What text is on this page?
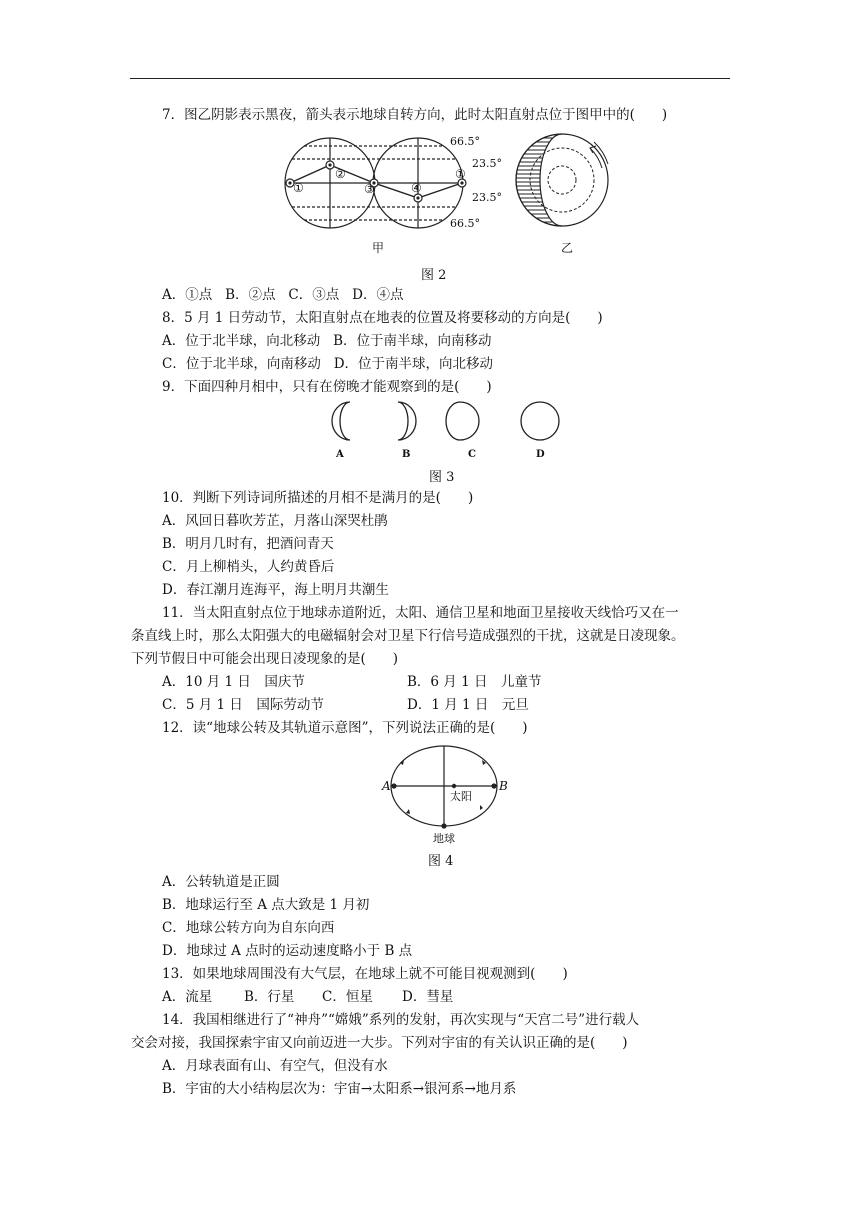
7．图乙阴影表示黑夜，箭头表示地球自转方向，此时太阳直射点位于图甲中的(　　)
①
②
③	④
①
66.5°
23.5°
23.5°
66.5°
甲	乙
图 2
A．①点 B．②点 C．③点 D．④点
8．5 月 1 日劳动节，太阳直射点在地表的位置及将要移动的方向是(　　)
A．位于北半球，向北移动 B．位于南半球，向南移动
C．位于北半球，向南移动 D．位于南半球，向北移动
9．下面四种月相中，只有在傍晚才能观察到的是(　　)
A	B	C	D
图 3
10．判断下列诗词所描述的月相不是满月的是(　　)
A．风回日暮吹芳芷，月落山深哭杜鹃
B．明月几时有，把酒问青天
C．月上柳梢头，人约黄昏后
D．春江潮月连海平，海上明月共潮生
11．当太阳直射点位于地球赤道附近，太阳、通信卫星和地面卫星接收天线恰巧又在一
条直线上时，那么太阳强大的电磁辐射会对卫星下行信号造成强烈的干扰，这就是日凌现象。
下列节假日中可能会出现日凌现象的是(　　)
A．10 月 1 日　国庆节	B．6 月 1 日　儿童节
C．5 月 1 日　国际劳动节	D．1 月 1 日　元旦
12．读“地球公转及其轨道示意图”，下列说法正确的是(　　)
A	B
太阳
地球
图 4
A．公转轨道是正圆
B．地球运行至 A 点大致是 1 月初
C．地球公转方向为自东向西
D．地球过 A 点时的运动速度略小于 B 点
13．如果地球周围没有大气层，在地球上就不可能目视观测到(　　)
A．流星 B．行星 C．恒星 D．彗星
14．我国相继进行了“神舟”“嫦娥”系列的发射，再次实现与“天宫二号”进行载人
交会对接，我国探索宇宙又向前迈进一大步。下列对宇宙的有关认识正确的是(　　)
A．月球表面有山、有空气，但没有水
B．宇宙的大小结构层次为：宇宙→太阳系→银河系→地月系
